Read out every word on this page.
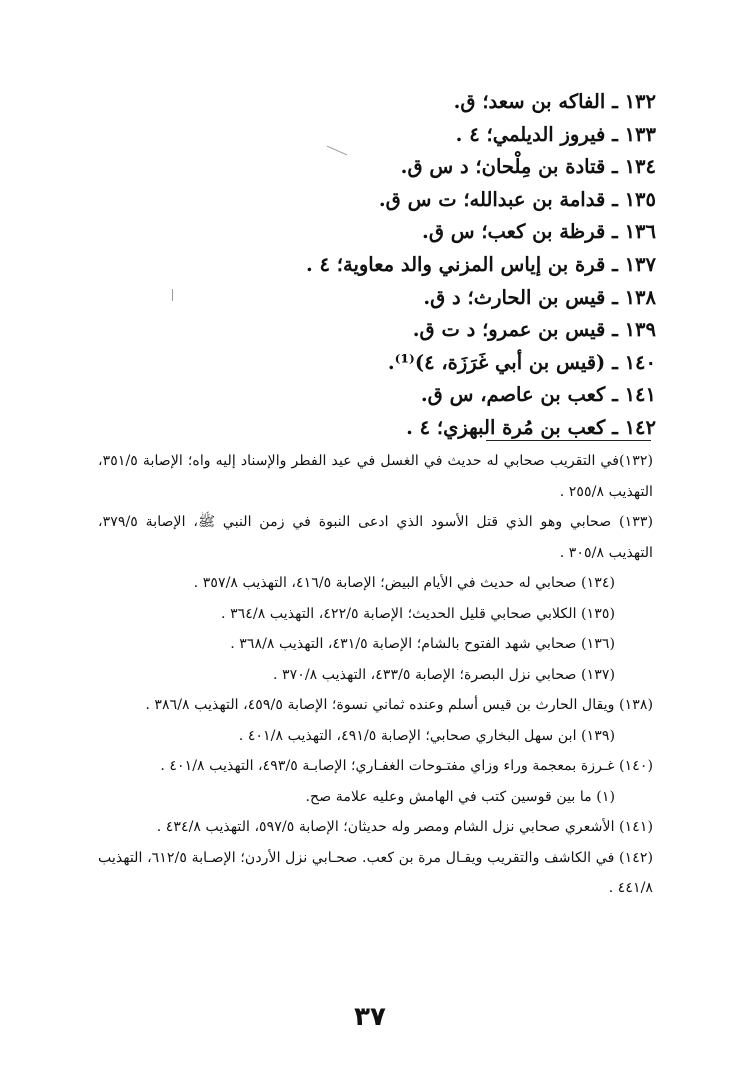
١٣٢ ـ الفاكه بن سعد؛ ق.
١٣٣ ـ فيروز الديلمي؛ ٤ .
١٣٤ ـ قتادة بن مِلْحان؛ د س ق.
١٣٥ ـ قدامة بن عبدالله؛ ت س ق.
١٣٦ ـ قرظة بن كعب؛ س ق.
١٣٧ ـ قرة بن إياس المزني والد معاوية؛ ٤ .
١٣٨ ـ قيس بن الحارث؛ د ق.
١٣٩ ـ قيس بن عمرو؛ د ت ق.
١٤٠ ـ (قيس بن أبي غَرَزَة، ٤)⁽¹⁾.
١٤١ ـ كعب بن عاصم، س ق.
١٤٢ ـ كعب بن مُرة البهزي؛ ٤ .

(١٣٢)في التقريب صحابي له حديث في الغسل في عيد الفطر والإسناد إليه واه؛ الإصابة ٣٥١/٥، التهذيب ٢٥٥/٨ .

(١٣٣) صحابي وهو الذي قتل الأسود الذي ادعى النبوة في زمن النبي ﷺ، الإصابة ٣٧٩/٥، التهذيب ٣٠٥/٨ .

(١٣٤) صحابي له حديث في الأيام البيض؛ الإصابة ٤١٦/٥، التهذيب ٣٥٧/٨ .

(١٣٥) الكلابي صحابي قليل الحديث؛ الإصابة ٤٢٢/٥، التهذيب ٣٦٤/٨ .

(١٣٦) صحابي شهد الفتوح بالشام؛ الإصابة ٤٣١/٥، التهذيب ٣٦٨/٨ .

(١٣٧) صحابي نزل البصرة؛ الإصابة ٤٣٣/٥، التهذيب ٣٧٠/٨ .

(١٣٨) ويقال الحارث بن قيس أسلم وعنده ثماني نسوة؛ الإصابة ٤٥٩/٥، التهذيب ٣٨٦/٨ .

(١٣٩) ابن سهل البخاري صحابي؛ الإصابة ٤٩١/٥، التهذيب ٤٠١/٨ .

(١٤٠) غـرزة بمعجمة وراء وزاي مفتـوحات الغفـاري؛ الإصابـة ٤٩٣/٥، التهذيب ٤٠١/٨ .

(١) ما بين قوسين كتب في الهامش وعليه علامة صح.

(١٤١) الأشعري صحابي نزل الشام ومصر وله حديثان؛ الإصابة ٥٩٧/٥، التهذيب ٤٣٤/٨ .

(١٤٢) في الكاشف والتقريب ويقـال مرة بن كعب. صحـابي نزل الأردن؛ الإصـابة ٦١٢/٥، التهذيب ٤٤١/٨ .

٣٧
